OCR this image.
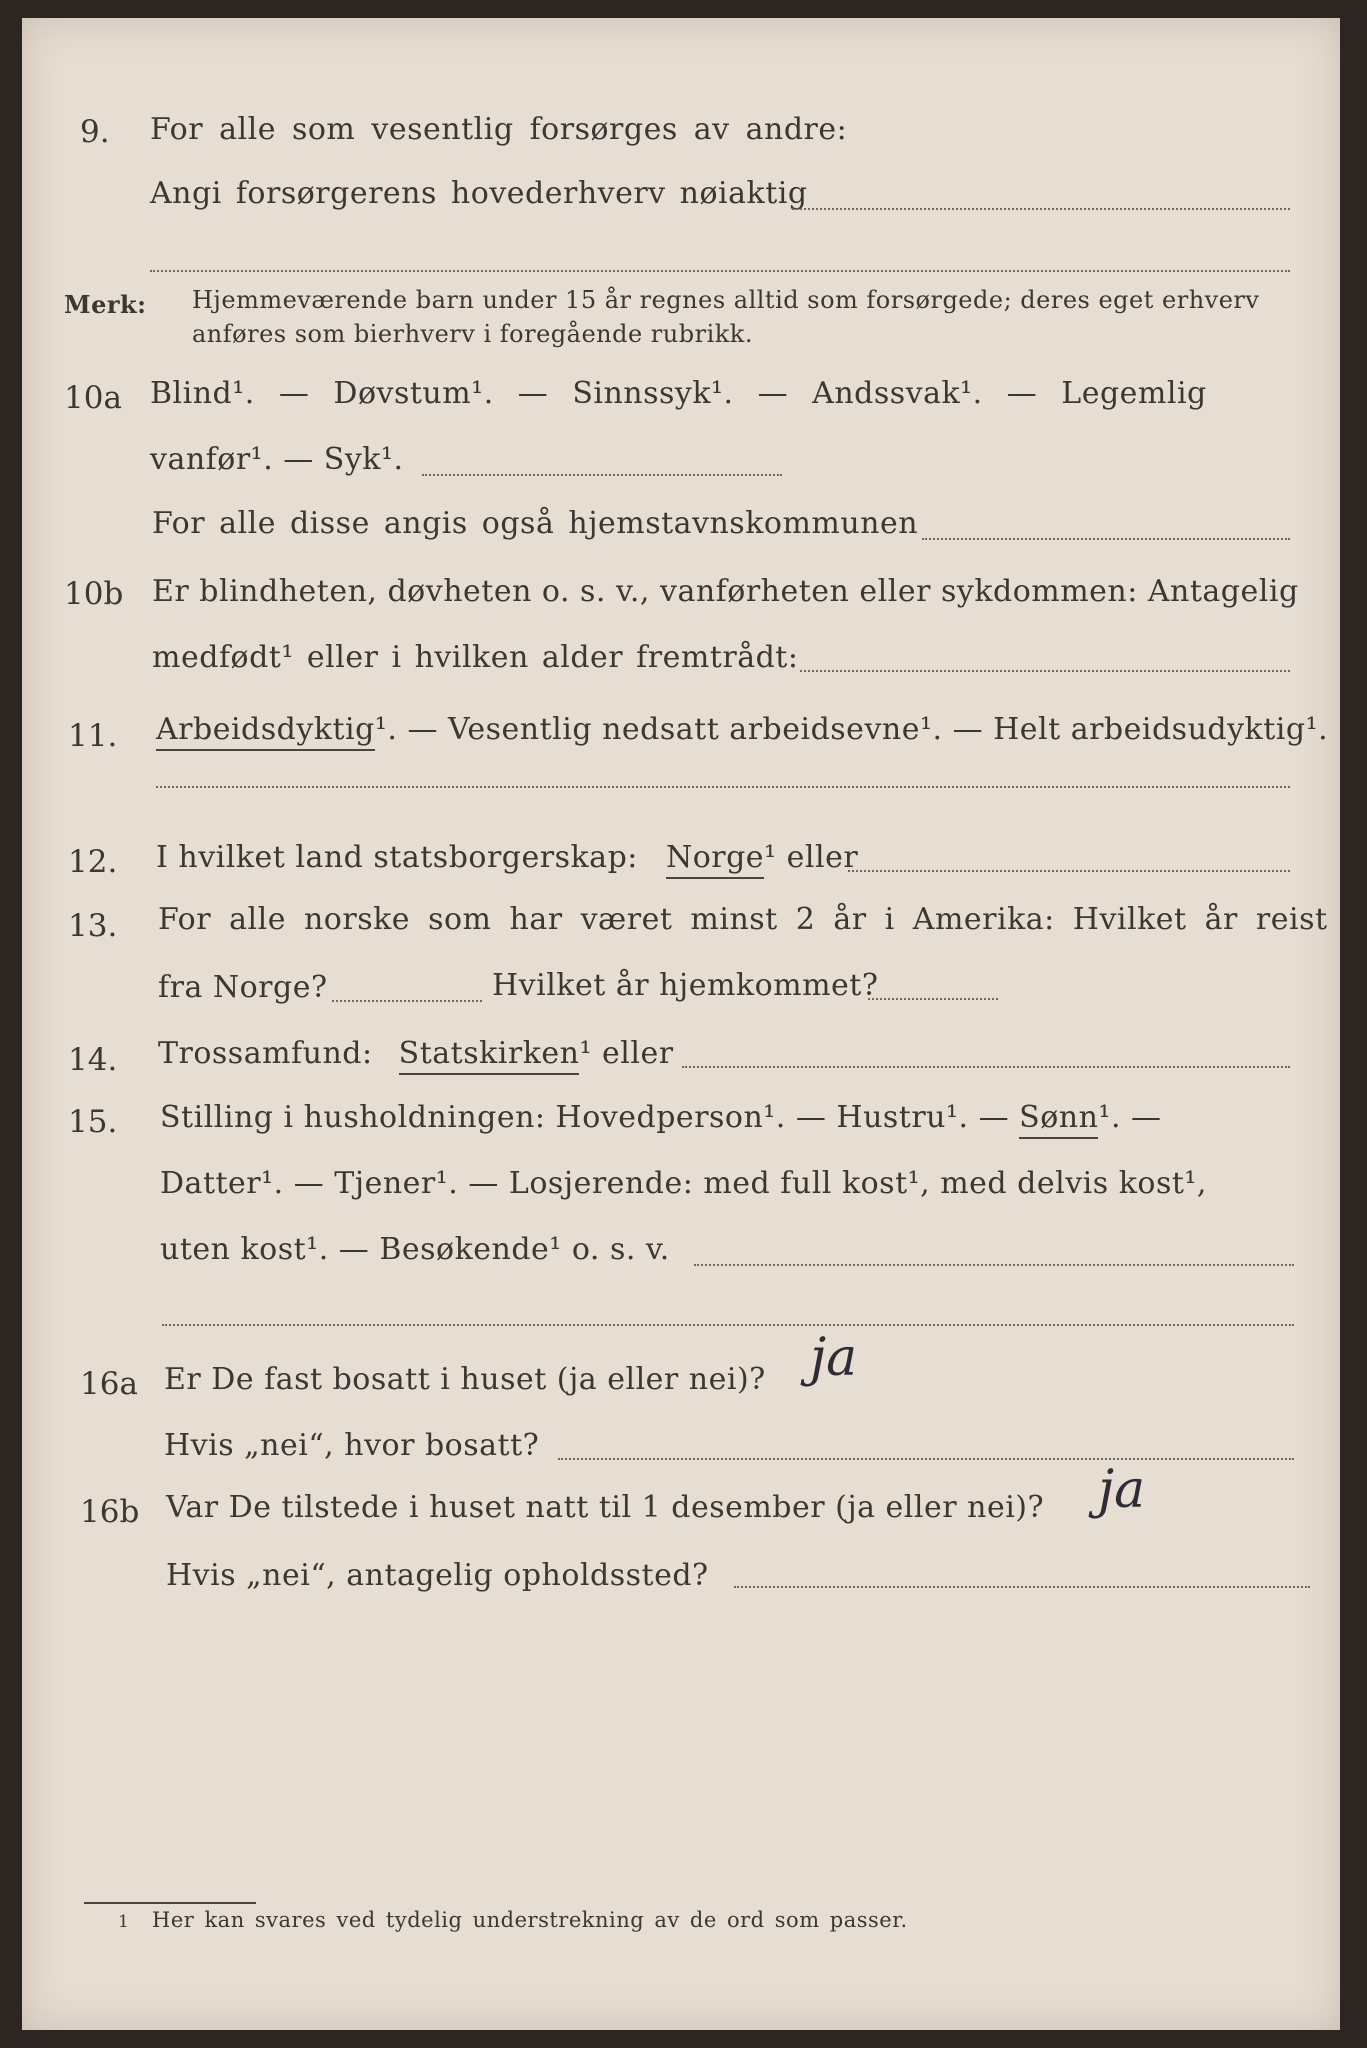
9. For alle som vesentlig forsørges av andre:
Angi forsørgerens hovederhverv nøiaktig
Merk: Hjemmeværende barn under 15 år regnes alltid som forsørgede; deres eget erhverv
anføres som bierhverv i foregående rubrikk.
10a Blind¹. — Døvstum¹. — Sinnssyk¹. — Andssvak¹. — Legemlig
vanfør¹. — Syk¹.
For alle disse angis også hjemstavnskommunen
10b Er blindheten, døvheten o. s. v., vanførheten eller sykdommen: Antagelig
medfødt¹ eller i hvilken alder fremtrådt:
11. Arbeidsdyktig¹. — Vesentlig nedsatt arbeidsevne¹. — Helt arbeidsudyktig¹.
12. I hvilket land statsborgerskap: Norge¹ eller
13. For alle norske som har været minst 2 år i Amerika: Hvilket år reist
fra Norge?	Hvilket år hjemkommet?
14. Trossamfund: Statskirken¹ eller
15. Stilling i husholdningen: Hovedperson¹. — Hustru¹. — Sønn¹. —
Datter¹. — Tjener¹. — Losjerende: med full kost¹, med delvis kost¹,
uten kost¹. — Besøkende¹ o. s. v.
16a Er De fast bosatt i huset (ja eller nei)? ja
Hvis „nei“, hvor bosatt?
16b Var De tilstede i huset natt til 1 desember (ja eller nei)? ja
Hvis „nei“, antagelig opholdssted?
1 Her kan svares ved tydelig understrekning av de ord som passer.
